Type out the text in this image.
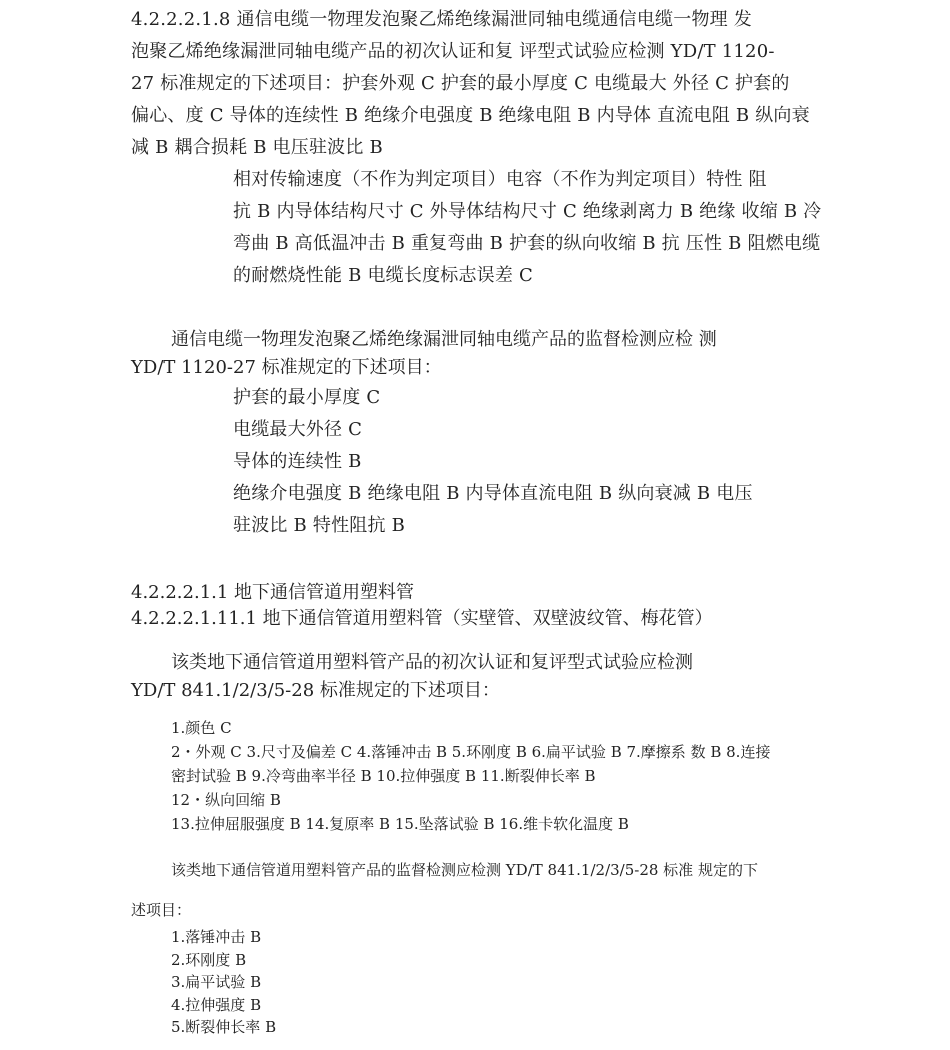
4.2.2.2.1.8 通信电缆一物理发泡聚乙烯绝缘漏泄同轴电缆通信电缆一物理 发
泡聚乙烯绝缘漏泄同轴电缆产品的初次认证和复 评型式试验应检测 YD/T 1120-
27 标准规定的下述项目：护套外观 C 护套的最小厚度 C 电缆最大 外径 C 护套的
偏心、度 C 导体的连续性 B 绝缘介电强度 B 绝缘电阻 B 内导体 直流电阻 B 纵向衰
减 B 耦合损耗 B 电压驻波比 B
相对传输速度（不作为判定项目）电容（不作为判定项目）特性 阻
抗 B 内导体结构尺寸 C 外导体结构尺寸 C 绝缘剥离力 B 绝缘 收缩 B 冷
弯曲 B 高低温冲击 B 重复弯曲 B 护套的纵向收缩 B 抗 压性 B 阻燃电缆
的耐燃烧性能 B 电缆长度标志误差 C
通信电缆一物理发泡聚乙烯绝缘漏泄同轴电缆产品的监督检测应检 测
YD/T 1120-27 标准规定的下述项目：
护套的最小厚度 C
电缆最大外径 C
导体的连续性 B
绝缘介电强度 B 绝缘电阻 B 内导体直流电阻 B 纵向衰减 B 电压
驻波比 B 特性阻抗 B
4.2.2.2.1.1 地下通信管道用塑料管
4.2.2.2.1.11.1 地下通信管道用塑料管（实壁管、双壁波纹管、梅花管）
该类地下通信管道用塑料管产品的初次认证和复评型式试验应检测
YD/T 841.1/2/3/5-28 标准规定的下述项目：
1.颜色 C
2・外观 C 3.尺寸及偏差 C 4.落锤冲击 B 5.环刚度 B 6.扁平试验 B 7.摩擦系 数 B 8.连接
密封试验 B 9.冷弯曲率半径 B 10.拉伸强度 B 11.断裂伸长率 B
12・纵向回缩 B
13.拉伸屈服强度 B 14.复原率 B 15.坠落试验 B 16.维卡软化温度 B
该类地下通信管道用塑料管产品的监督检测应检测 YD/T 841.1/2/3/5-28 标准 规定的下
述项目：
1.落锤冲击 B
2.环刚度 B
3.扁平试验 B
4.拉伸强度 B
5.断裂伸长率 B
